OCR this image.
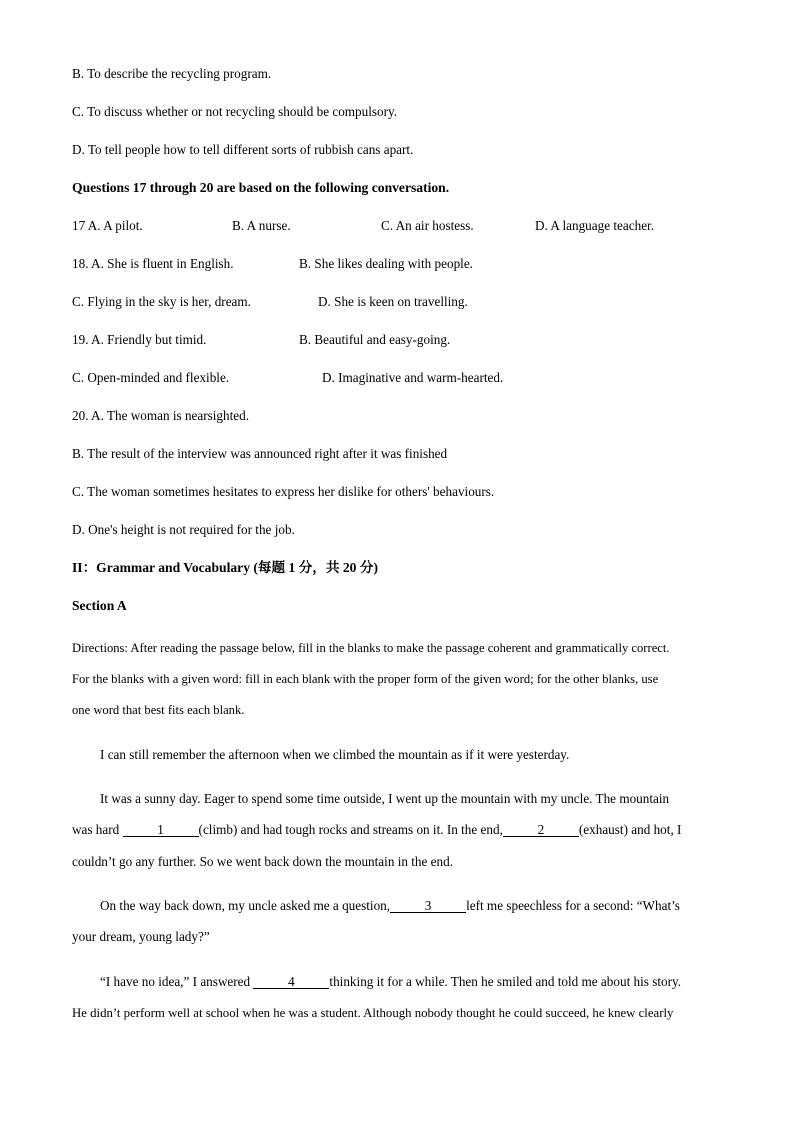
B. To describe the recycling program.
C. To discuss whether or not recycling should be compulsory.
D. To tell people how to tell different sorts of rubbish cans apart.
Questions 17 through 20 are based on the following conversation.
17 A. A pilot.	B. A nurse.	C. An air hostess.	D. A language teacher.
18. A. She is fluent in English.	B. She likes dealing with people.
C. Flying in the sky is her, dream.	D. She is keen on travelling.
19. A. Friendly but timid.	B. Beautiful and easy-going.
C. Open-minded and flexible.	D. Imaginative and warm-hearted.
20. A. The woman is nearsighted.
B. The result of the interview was announced right after it was finished
C. The woman sometimes hesitates to express her dislike for others' behaviours.
D. One's height is not required for the job.
II：Grammar and Vocabulary (每题 1 分，共 20 分)
Section A
Directions: After reading the passage below, fill in the blanks to make the passage coherent and grammatically correct.
For the blanks with a given word: fill in each blank with the proper form of the given word; for the other blanks, use
one word that best fits each blank.
I can still remember the afternoon when we climbed the mountain as if it were yesterday.
It was a sunny day. Eager to spend some time outside, I went up the mountain with my uncle. The mountain
was hard	1	(climb) and had tough rocks and streams on it. In the end,	2	(exhaust) and hot, I
couldn’t go any further. So we went back down the mountain in the end.
On the way back down, my uncle asked me a question,	3	left me speechless for a second: “What’s
your dream, young lady?”
“I have no idea,” I answered	4	thinking it for a while. Then he smiled and told me about his story.
He didn’t perform well at school when he was a student. Although nobody thought he could succeed, he knew clearly
